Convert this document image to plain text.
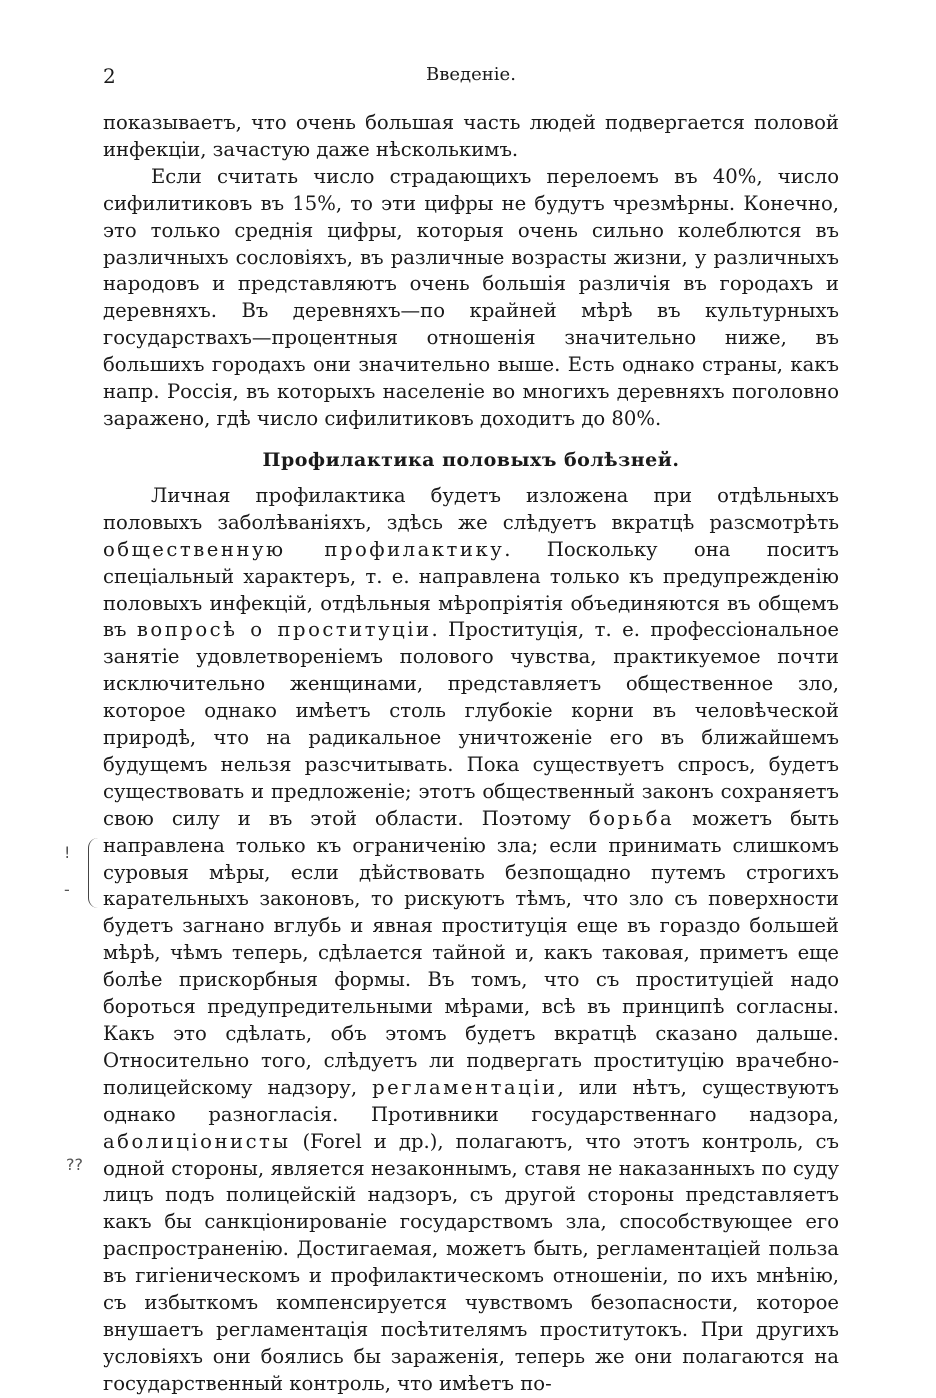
2	Введеніе.
!
-
??

показываетъ, что очень большая часть людей подвергается половой инфекціи, зачастую даже нѣсколькимъ.

Если считать число страдающихъ перелоемъ въ 40%, число сифилитиковъ въ 15%, то эти цифры не будутъ чрезмѣрны. Конечно, это только среднія цифры, которыя очень сильно колеблются въ различныхъ сословіяхъ, въ различные возрасты жизни, у различныхъ народовъ и представляютъ очень большія различія въ городахъ и деревняхъ. Въ деревняхъ—по крайней мѣрѣ въ культурныхъ государствахъ—процентныя отношенія значительно ниже, въ большихъ городахъ они значительно выше. Есть однако страны, какъ напр. Россія, въ которыхъ населеніе во многихъ деревняхъ поголовно заражено, гдѣ число сифилитиковъ доходитъ до 80%.

Профилактика половыхъ болѣзней.

Личная профилактика будетъ изложена при отдѣльныхъ половыхъ заболѣваніяхъ, здѣсь же слѣдуетъ вкратцѣ разсмотрѣть общественную профилактику. Поскольку она поситъ спеціальный характеръ, т. е. направлена только къ предупрежденію половыхъ инфекцій, отдѣльныя мѣропріятія объединяются въ общемъ въ вопросѣ о проституціи. Проституція, т. е. профессіональное занятіе удовлетвореніемъ полового чувства, практикуемое почти исключительно женщинами, представляетъ общественное зло, которое однако имѣетъ столь глубокіе корни въ человѣческой природѣ, что на радикальное уничтоженіе его въ ближайшемъ будущемъ нельзя разсчитывать. Пока существуетъ спросъ, будетъ существовать и предложеніе; этотъ общественный законъ сохраняетъ свою силу и въ этой области. Поэтому борьба можетъ быть направлена только къ ограниченію зла; если принимать слишкомъ суровыя мѣры, если дѣйствовать безпощадно путемъ строгихъ карательныхъ законовъ, то рискуютъ тѣмъ, что зло съ поверхности будетъ загнано вглубь и явная проституція еще въ гораздо большей мѣрѣ, чѣмъ теперь, сдѣлается тайной и, какъ таковая, приметъ еще болѣе прискорбныя формы. Въ томъ, что съ проституціей надо бороться предупредительными мѣрами, всѣ въ принципѣ согласны. Какъ это сдѣлать, объ этомъ будетъ вкратцѣ сказано дальше. Относительно того, слѣдуетъ ли подвергать проституцію врачебно-полицейскому надзору, регламентаціи, или нѣтъ, существуютъ однако разногласія. Противники государственнаго надзора, аболиціонисты (Forel и др.), полагаютъ, что этотъ контроль, съ одной стороны, является незаконнымъ, ставя не наказанныхъ по суду лицъ подъ полицейскій надзоръ, съ другой стороны представляетъ какъ бы санкціонированіе государствомъ зла, способствующее его распространенію. Достигаемая, можетъ быть, регламентаціей польза въ гигіеническомъ и профилактическомъ отношеніи, по ихъ мнѣнію, съ избыткомъ компенсируется чувствомъ безопасности, которое внушаетъ регламентація посѣтителямъ проститутокъ. При другихъ условіяхъ они боялись бы зараженія, теперь же они полагаются на государственный контроль, что имѣетъ по-
